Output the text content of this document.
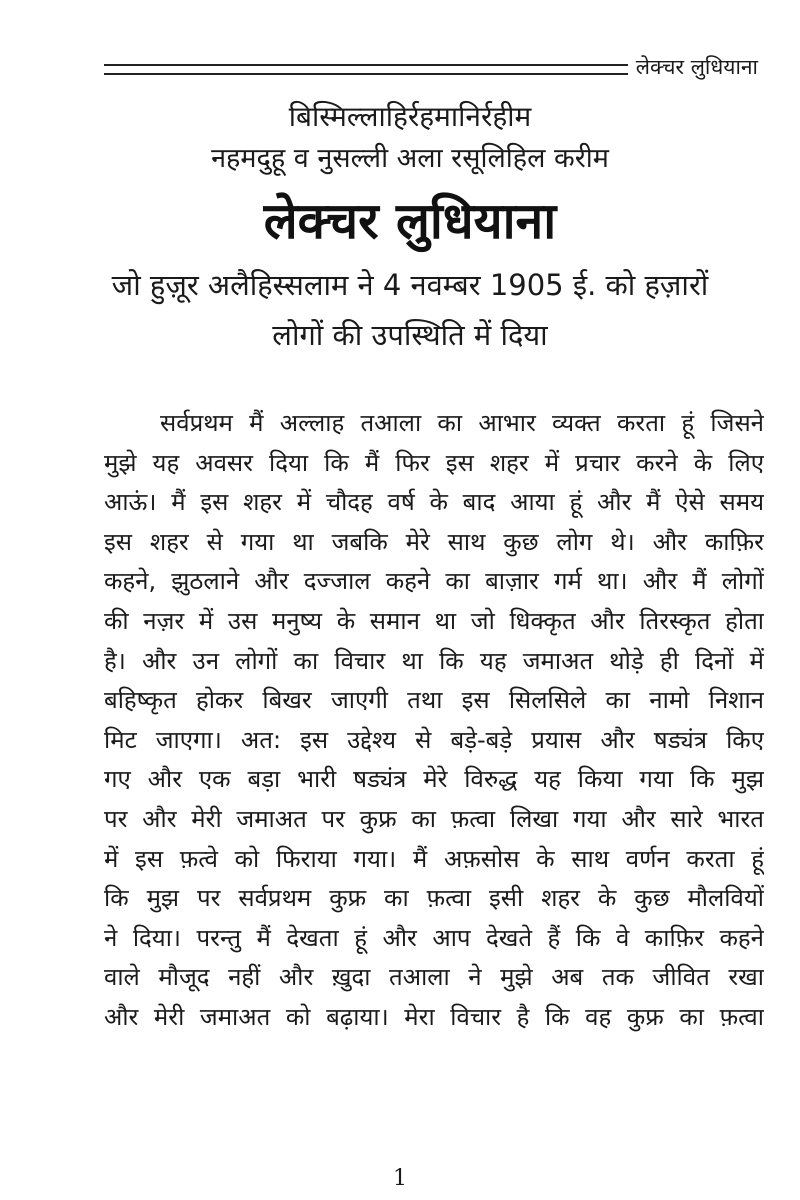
लेक्चर लुधियाना

बिस्मिल्लाहिर्रहमानिर्रहीम

नहमदुहू व नुसल्ली अला रसूलिहिल करीम

लेक्चर लुधियाना

जो हुज़ूर अलैहिस्सलाम ने 4 नवम्बर 1905 ई. को हज़ारों

लोगों की उपस्थिति में दिया

सर्वप्रथम मैं अल्लाह तआला का आभार व्यक्त करता हूं जिसने
मुझे यह अवसर दिया कि मैं फिर इस शहर में प्रचार करने के लिए
आऊं। मैं इस शहर में चौदह वर्ष के बाद आया हूं और मैं ऐसे समय
इस शहर से गया था जबकि मेरे साथ कुछ लोग थे। और काफ़िर
कहने, झुठलाने और दज्जाल कहने का बाज़ार गर्म था। और मैं लोगों
की नज़र में उस मनुष्य के समान था जो धिक्कृत और तिरस्कृत होता
है। और उन लोगों का विचार था कि यह जमाअत थोड़े ही दिनों में
बहिष्कृत होकर बिखर जाएगी तथा इस सिलसिले का नामो निशान
मिट जाएगा। अत: इस उद्देश्य से बड़े-बड़े प्रयास और षड्यंत्र किए
गए और एक बड़ा भारी षड्यंत्र मेरे विरुद्ध यह किया गया कि मुझ
पर और मेरी जमाअत पर कुफ्र का फ़त्वा लिखा गया और सारे भारत
में इस फ़त्वे को फिराया गया। मैं अफ़सोस के साथ वर्णन करता हूं
कि मुझ पर सर्वप्रथम कुफ्र का फ़त्वा इसी शहर के कुछ मौलवियों
ने दिया। परन्तु मैं देखता हूं और आप देखते हैं कि वे काफ़िर कहने
वाले मौजूद नहीं और ख़ुदा तआला ने मुझे अब तक जीवित रखा
और मेरी जमाअत को बढ़ाया। मेरा विचार है कि वह कुफ्र का फ़त्वा
1
